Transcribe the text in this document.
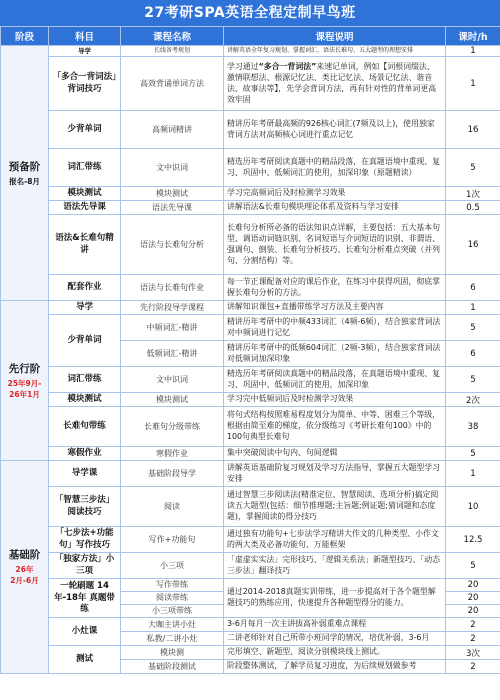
27考研SPA英语全程定制早鸟班
阶段	科目	课程名称	课程说明	课时/h
预备阶
报名-8月	导学	长线备考规划	讲解英语全年复习规划、掌握词汇、语法长难句、五大题型的理想安排	1
	「多合一背词法」背词技巧	高效背诵单词方法	学习通过“多合一背词法”来速记单词，例如【词根词缀法、激情联想法、根源记忆法、类比记忆法、场景记忆法、谐音法、故事法等】，先学会背词方法，再有针对性的背单词更高效牢固	1
	少背单词	高频词精讲	精讲历年考研最高频的926核心词汇(7频及以上)，使用独家背词方法对高频核心词进行重点记忆	16
	词汇带练	文中识词	精选历年考研阅读真题中的精品段落，在真题语境中重现、复习、巩固中、低频词汇的使用，加深印象（原题精读）	5
	模块测试	模块测试	学习完高频词后及时检测学习效果	1次
	语法先导课	语法先导课	讲解语法&长难句模块理论体系及资料与学习安排	0.5
	语法&长难句精讲	语法与长难句分析	长难句分析所必备的语法知识点详解，主要包括：五大基本句型、调语动词链识别、名词短语与介词短语的识别、非谓语、强调句、倒装、长难句分析技巧、长难句分析难点突破（并列句、分割结构）等。	16
	配套作业	语法与长难句作业	每一节正课配备对应的课后作业，在练习中获得巩固，彻底掌握长难句分析的方法。	6
先行阶
25年9月-
26年1月	导学	先行阶段导学课程	讲解知识课包+直播带练学习方法及主要内容	1
	少背单词	中频词汇-精讲	精讲历年考研中的中频433词汇（4频-6频），结合独家背词法对中频词进行记忆	5
		低频词汇-精讲	精讲历年考研中的低频604词汇（2频-3频），结合独家背词法对低频词加深印象	6
	词汇带练	文中识词	精选历年考研阅读真题中的精品段落，在真题语境中重现、复习、巩固中、低频词汇的使用，加深印象	5
	模块测试	模块测试	学习完中低频词后及时检测学习效果	2次
	长难句带练	长难句分级带练	将句式结构按照难易程度划分为简单、中等、困难三个等级，根据由简至难的梯度，依分级练习《考研长难句100》中的100句典型长难句	38
	寒假作业	寒假作业	集中突破阅读中句内、句间逻辑	5
基础阶
26年
2月-6月	导学课	基础阶段导学	讲解英语基础阶复习规划及学习方法指导，掌握五大题型学习安排	1
	「智慧三步法」阅读技巧	阅读	通过智慧三步阅读法(精准定位、智慧阅读、选项分析)搞定阅读五大题型(包括：细节推理题;主旨题;例证题;猜词题和态度题)，掌握阅读的得分技巧	10
	「七步法+功能句」写作技巧	写作+功能句	通过独有功能句+七步法学习精讲大作文的几种类型、小作文的两大类及必备功能句、万能框架	12.5
	「独家方法」小三项	小三项	「虚虚实实法」完形技巧、「逻辑关系法」新题型技巧、「动态三步法」翻译技巧	5
	一轮刷题 14年-18年 真题带练	写作带练	通过2014-2018真题实训带练，进一步提高对于各个题型解题技巧的熟练应用，快速提升各种题型得分的能力。	20
		阅读带练		20
		小三项带练		20
	小灶课	大咖主讲小灶	3-6月每月一次主讲拔高补弱重难点课程	2
		私教/二讲小灶	二讲老师针对自己所带小班同学的情况，培优补弱，3-6月	2
	测试	模块测	完形填空、新题型、阅读分别模块线上测试。	3次
		基础阶段测试	阶段整体测试，了解学员复习进度，为后续规划做参考	2
